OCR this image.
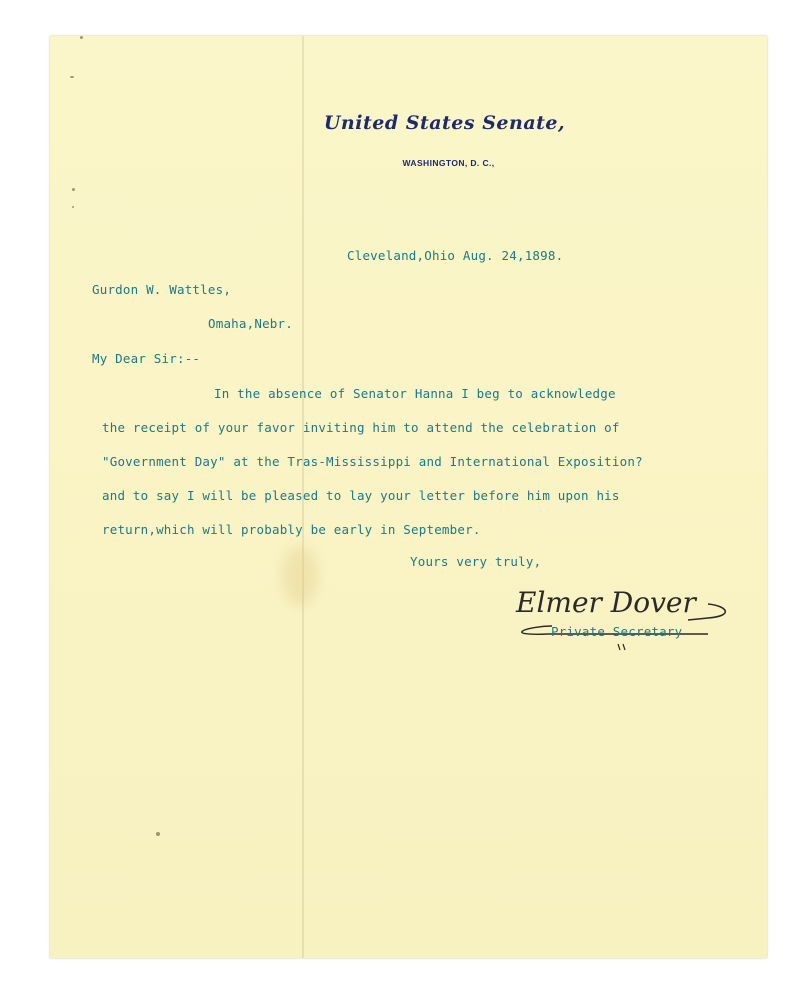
United States Senate,
WASHINGTON, D. C.,
Cleveland,Ohio Aug. 24,1898.
Gurdon W. Wattles,
Omaha,Nebr.
My Dear Sir:--
In the absence of Senator Hanna I beg to acknowledge
the receipt of your favor inviting him to attend the celebration of
"Government Day" at the Tras-Mississippi and International Exposition?
and to say I will be pleased to lay your letter before him upon his
return,which will probably be early in September.
Yours very truly,
Elmer Dover
Private Secretary
